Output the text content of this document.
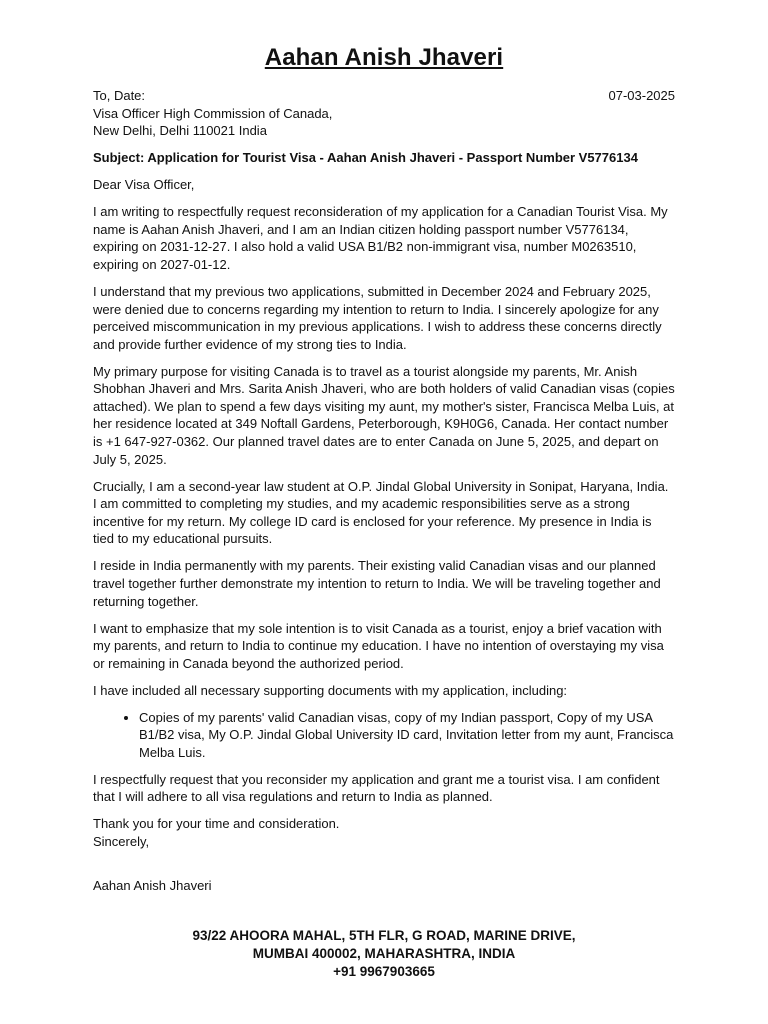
Aahan Anish Jhaveri
To, Date:	07-03-2025
Visa Officer High Commission of Canada,
New Delhi, Delhi 110021 India

Subject: Application for Tourist Visa - Aahan Anish Jhaveri - Passport Number V5776134

Dear Visa Officer,

I am writing to respectfully request reconsideration of my application for a Canadian Tourist Visa. My name is Aahan Anish Jhaveri, and I am an Indian citizen holding passport number V5776134, expiring on 2031-12-27. I also hold a valid USA B1/B2 non-immigrant visa, number M0263510, expiring on 2027-01-12.

I understand that my previous two applications, submitted in December 2024 and February 2025, were denied due to concerns regarding my intention to return to India. I sincerely apologize for any perceived miscommunication in my previous applications. I wish to address these concerns directly and provide further evidence of my strong ties to India.

My primary purpose for visiting Canada is to travel as a tourist alongside my parents, Mr. Anish Shobhan Jhaveri and Mrs. Sarita Anish Jhaveri, who are both holders of valid Canadian visas (copies attached). We plan to spend a few days visiting my aunt, my mother's sister, Francisca Melba Luis, at her residence located at 349 Noftall Gardens, Peterborough, K9H0G6, Canada. Her contact number is +1 647-927-0362. Our planned travel dates are to enter Canada on June 5, 2025, and depart on July 5, 2025.

Crucially, I am a second-year law student at O.P. Jindal Global University in Sonipat, Haryana, India. I am committed to completing my studies, and my academic responsibilities serve as a strong incentive for my return. My college ID card is enclosed for your reference. My presence in India is tied to my educational pursuits.

I reside in India permanently with my parents. Their existing valid Canadian visas and our planned travel together further demonstrate my intention to return to India. We will be traveling together and returning together.

I want to emphasize that my sole intention is to visit Canada as a tourist, enjoy a brief vacation with my parents, and return to India to continue my education. I have no intention of overstaying my visa or remaining in Canada beyond the authorized period.

I have included all necessary supporting documents with my application, including:

• Copies of my parents' valid Canadian visas, copy of my Indian passport, Copy of my USA B1/B2 visa, My O.P. Jindal Global University ID card, Invitation letter from my aunt, Francisca Melba Luis.

I respectfully request that you reconsider my application and grant me a tourist visa. I am confident that I will adhere to all visa regulations and return to India as planned.

Thank you for your time and consideration.
Sincerely,
Aahan Anish Jhaveri
93/22 AHOORA MAHAL, 5TH FLR, G ROAD, MARINE DRIVE,
MUMBAI 400002, MAHARASHTRA, INDIA
+91 9967903665
